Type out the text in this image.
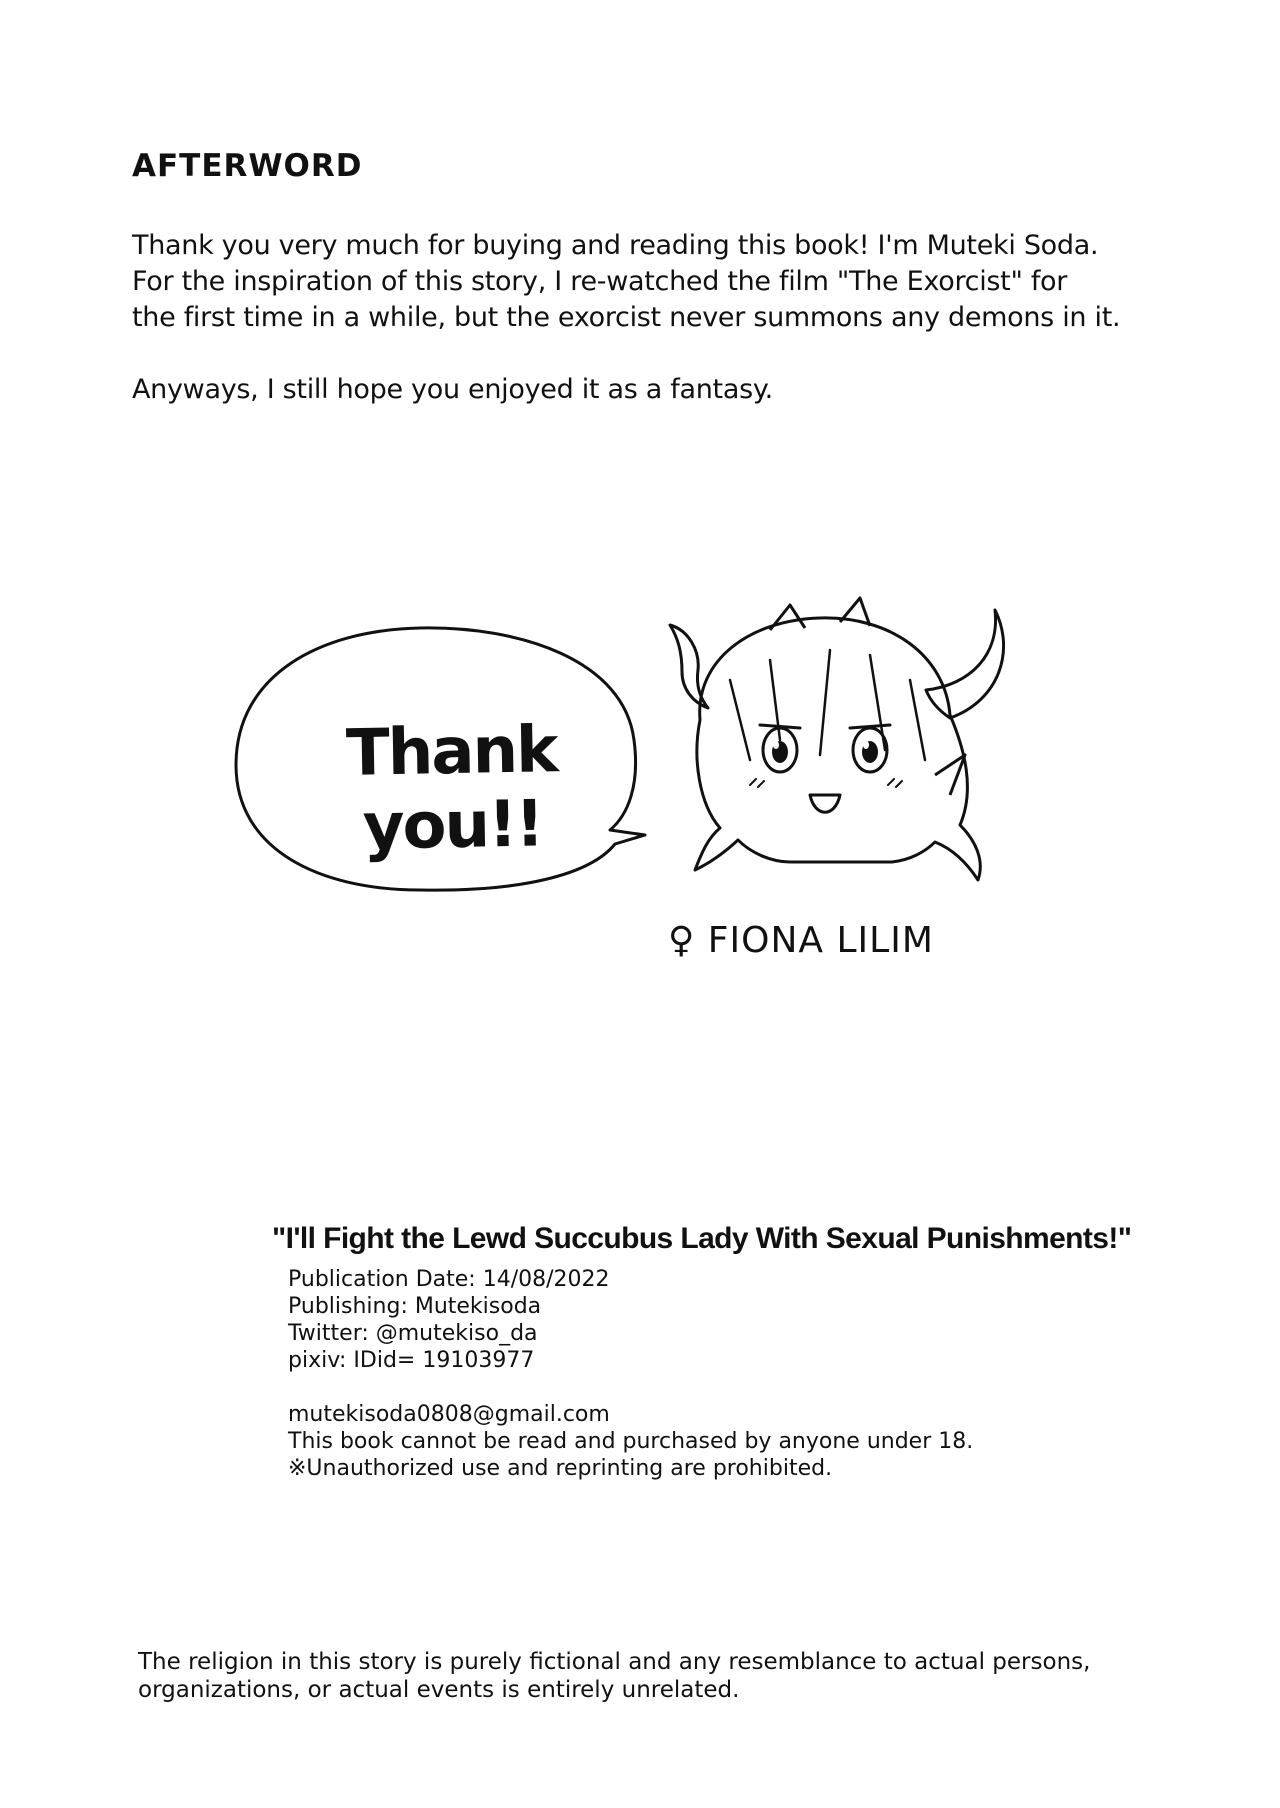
AFTERWORD

Thank you very much for buying and reading this book! I'm Muteki Soda.

For the inspiration of this story, I re-watched the film "The Exorcist" for

the first time in a while, but the exorcist never summons any demons in it.

Anyways, I still hope you enjoyed it as a fantasy.

Thank you!!
♀ FIONA LILIM
"I'll Fight the Lewd Succubus Lady With Sexual Punishments!"
Publication Date: 14/08/2022
Publishing: Mutekisoda
Twitter: @mutekiso_da
pixiv: IDid= 19103977
mutekisoda0808@gmail.com
This book cannot be read and purchased by anyone under 18.
※Unauthorized use and reprinting are prohibited.
The religion in this story is purely fictional and any resemblance to actual persons,
organizations, or actual events is entirely unrelated.
